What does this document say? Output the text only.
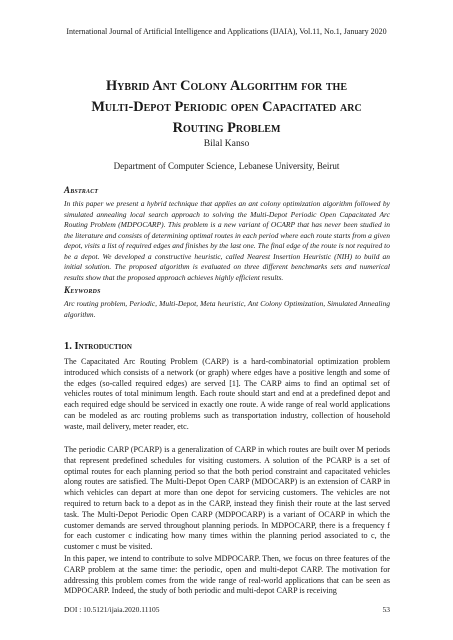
International Journal of Artificial Intelligence and Applications (IJAIA), Vol.11, No.1, January 2020
Hybrid Ant Colony Algorithm for the
Multi-Depot Periodic open Capacitated arc
Routing Problem
Bilal Kanso
Department of Computer Science, Lebanese University, Beirut
Abstract
In this paper we present a hybrid technique that applies an ant colony optimization algorithm followed by simulated annealing local search approach to solving the Multi-Depot Periodic Open Capacitated Arc Routing Problem (MDPOCARP). This problem is a new variant of OCARP that has never been studied in the literature and consists of determining optimal routes in each period where each route starts from a given depot, visits a list of required edges and finishes by the last one. The final edge of the route is not required to be a depot. We developed a constructive heuristic, called Nearest Insertion Heuristic (NIH) to build an initial solution. The proposed algorithm is evaluated on three different benchmarks sets and numerical results show that the proposed approach achieves highly efficient results.
Keywords
Arc routing problem, Periodic, Multi-Depot, Meta heuristic, Ant Colony Optimization, Simulated Annealing algorithm.
1. Introduction

The Capacitated Arc Routing Problem (CARP) is a hard-combinatorial optimization problem introduced which consists of a network (or graph) where edges have a positive length and some of the edges (so-called required edges) are served [1]. The CARP aims to find an optimal set of vehicles routes of total minimum length. Each route should start and end at a predefined depot and each required edge should be serviced in exactly one route. A wide range of real world applications can be modeled as arc routing problems such as transportation industry, collection of household waste, mail delivery, meter reader, etc.

The periodic CARP (PCARP) is a generalization of CARP in which routes are built over M periods that represent predefined schedules for visiting customers. A solution of the PCARP is a set of optimal routes for each planning period so that the both period constraint and capacitated vehicles along routes are satisfied. The Multi-Depot Open CARP (MDOCARP) is an extension of CARP in which vehicles can depart at more than one depot for servicing customers. The vehicles are not required to return back to a depot as in the CARP, instead they finish their route at the last served task. The Multi-Depot Periodic Open CARP (MDPOCARP) is a variant of OCARP in which the customer demands are served throughout planning periods. In MDPOCARP, there is a frequency f for each customer c indicating how many times within the planning period associated to c, the customer c must be visited.

In this paper, we intend to contribute to solve MDPOCARP. Then, we focus on three features of the CARP problem at the same time: the periodic, open and multi-depot CARP. The motivation for addressing this problem comes from the wide range of real-world applications that can be seen as MDPOCARP. Indeed, the study of both periodic and multi-depot CARP is receiving

DOI : 10.5121/ijaia.2020.11105	53
